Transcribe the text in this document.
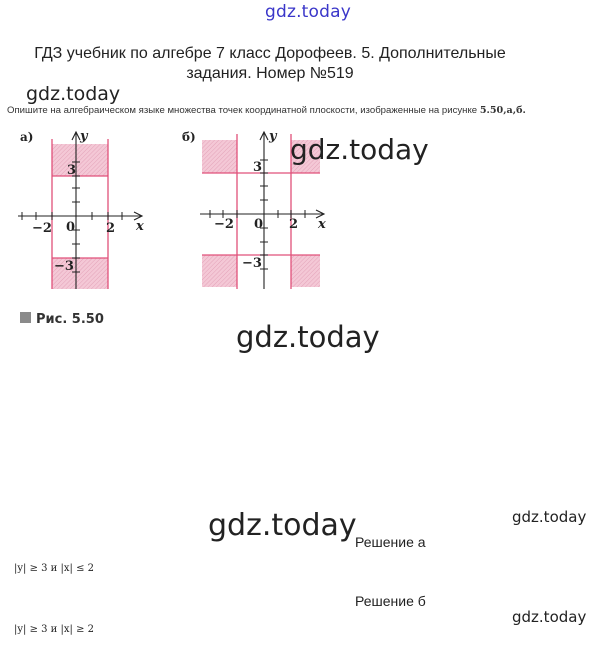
gdz.today
ГДЗ учебник по алгебре 7 класс Дорофеев. 5. Дополнительные задания. Номер №519
gdz.today
Опишите на алгебраическом языке множества точек координатной плоскости, изображенные на рисунке 5.50,а,б.
а)	y
x
−2 0 2
3
−3
б)	y
x
−2 0 2
3
−3
Рис. 5.50
gdz.today
gdz.today
gdz.today	gdz.today
gdz.today
Решение а
|y| ≥ 3 и |x| ≤ 2
Решение б
|y| ≥ 3 и |x| ≥ 2
